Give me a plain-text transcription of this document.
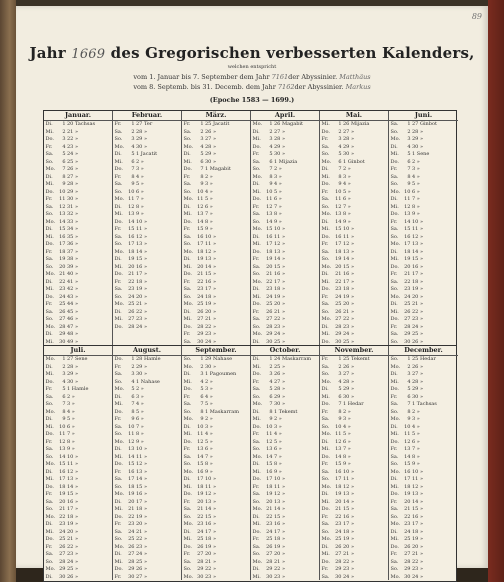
89
Jahr 1669 des Gregorischen verbesserten Kalenders,
welchen entspricht
vom 1. Januar bis 7. September dem Jahr 7161der Abyssinier. Matthäus
vom 8. Septemb. bis 31. Decemb. dem Jahr 7162der Abyssinier. Markus
(Epoche 1583 — 1699.)
Januar.
Di.	1 20 Tachsas
Mi.	2 21 »
Do.	3 22 »
Fr.	4 23 »
Sa.	5 24 »
So.	6 25 »
Mo.	7 26 »
Di.	8 27 »
Mi.	9 28 »
Do.	10 29 »
Fr.	11 30 »
Sa.	12 31 »
So.	13 32 »
Mo. 14 33 »
Di.	15 34 »
Mi.	16 35 »
Do.	17 36 »
Fr.	18 37 »
Sa.	19 38 »
So.	20 39 »
Mo. 21 40 »
Di.	22 41 »
Mi.	23 42 »
Do.	24 43 »
Fr.	25 44 »
Sa.	26 45 »
So.	27 46 »
Mo. 28 47 »
Di.	29 48 »
Mi.	30 49 »
Februar.
Fr.	1 27 Ter
Sa.	2 28 »
So.	3 29 »
Mo.	4 30 »
Di.	5 1 Jacatit
Mi.	6 2 »
Do.	7 3 »
Fr.	8 4 »
Sa.	9 5 »
So.	10 6 »
Mo. 11 7 »
Di.	12 8 »
Mi.	13 9 »
Do.	14 10 »
Fr.	15 11 »
Sa.	16 12 »
So.	17 13 »
Mo. 18 14 »
Di.	19 15 »
Mi.	20 16 »
Do.	21 17 »
Fr.	22 18 »
Sa.	23 19 »
So.	24 20 »
Mo. 25 21 »
Di.	26 22 »
Mi.	27 23 »
Do.	28 24 »
März.
Fr.	1 25 Jacatit
Sa.	2 26 »
So.	3 27 »
Mo.	4 28 »
Di.	5 29 »
Mi.	6 30 »
Do.	7 1 Magabit
Fr.	8 2 »
Sa.	9 3 »
So.	10 4 »
Mo. 11 5 »
Di.	12 6 »
Mi.	13 7 »
Do.	14 8 »
Fr.	15 9 »
Sa.	16 10 »
So.	17 11 »
Mo. 18 12 »
Di.	19 13 »
Mi.	20 14 »
Do.	21 15 »
Fr.	22 16 »
Sa.	23 17 »
So.	24 18 »
Mo. 25 19 »
Di.	26 20 »
Mi.	27 21 »
Do.	28 22 »
Fr.	29 23 »
Sa.	30 24 »
April.
Mo.	1 26 Magabit
Di.	2 27 »
Mi.	3 28 »
Do.	4 29 »
Fr.	5 30 »
Sa.	6 1 Mijazia
So.	7 2 »
Mo.	8 3 »
Di.	9 4 »
Mi.	10 5 »
Do.	11 6 »
Fr.	12 7 »
Sa.	13 8 »
So.	14 9 »
Mo. 15 10 »
Di.	16 11 »
Mi.	17 12 »
Do.	18 13 »
Fr.	19 14 »
Sa.	20 15 »
So.	21 16 »
Mo. 22 17 »
Di.	23 18 »
Mi.	24 19 »
Do.	25 20 »
Fr.	26 21 »
Sa.	27 22 »
So.	28 23 »
Mo. 29 24 »
Di.	30 25 »
Mai.
Mi.	1 26 Mijazia
Do.	2 27 »
Fr.	3 28 »
Sa.	4 29 »
So.	5 30 »
Mo.	6 1 Ginbot
Di.	7 2 »
Mi.	8 3 »
Do.	9 4 »
Fr.	10 5 »
Sa.	11 6 »
So.	12 7 »
Mo. 13 8 »
Di.	14 9 »
Mi.	15 10 »
Do.	16 11 »
Fr.	17 12 »
Sa.	18 13 »
So.	19 14 »
Mo. 20 15 »
Di.	21 16 »
Mi.	22 17 »
Do.	23 18 »
Fr.	24 19 »
Sa.	25 20 »
So.	26 21 »
Mo. 27 22 »
Di.	28 23 »
Mi.	29 24 »
Do.	30 25 »
Juni.
Sa.	1 27 Ginbot
So.	2 28 »
Mo.	3 29 »
Di.	4 30 »
Mi.	5 1 Sene
Do.	6 2 »
Fr.	7 3 »
Sa.	8 4 »
So.	9 5 »
Mo. 10 6 »
Di.	11 7 »
Mi.	12 8 »
Do.	13 9 »
Fr.	14 10 »
Sa.	15 11 »
So.	16 12 »
Mo. 17 13 »
Di.	18 14 »
Mi.	19 15 »
Do.	20 16 »
Fr.	21 17 »
Sa.	22 18 »
So.	23 19 »
Mo. 24 20 »
Di.	25 21 »
Mi.	26 22 »
Do.	27 23 »
Fr.	28 24 »
Sa.	29 25 »
So.	30 26 »
Juli.
Mo.	1 27 Sene
Di.	2 28 »
Mi.	3 29 »
Do.	4 30 »
Fr.	5 1 Hamle
Sa.	6 2 »
So.	7 3 »
Mo.	8 4 »
Di.	9 5 »
Mi.	10 6 »
Do.	11 7 »
Fr.	12 8 »
Sa.	13 9 »
So.	14 10 »
Mo. 15 11 »
Di.	16 12 »
Mi.	17 13 »
Do.	18 14 »
Fr.	19 15 »
Sa.	20 16 »
So.	21 17 »
Mo. 22 18 »
Di.	23 19 »
Mi.	24 20 »
Do.	25 21 »
Fr.	26 22 »
Sa.	27 23 »
So.	28 24 »
Mo. 29 25 »
Di.	30 26 »
August.
Do.	1 28 Hamle
Fr.	2 29 »
Sa.	3 30 »
So.	4 1 Nahase
Mo.	5 2 »
Di.	6 3 »
Mi.	7 4 »
Do.	8 5 »
Fr.	9 6 »
Sa.	10 7 »
So.	11 8 »
Mo. 12 9 »
Di.	13 10 »
Mi.	14 11 »
Do.	15 12 »
Fr.	16 13 »
Sa.	17 14 »
So.	18 15 »
Mo. 19 16 »
Di.	20 17 »
Mi.	21 18 »
Do.	22 19 »
Fr.	23 20 »
Sa.	24 21 »
So.	25 22 »
Mo. 26 23 »
Di.	27 24 »
Mi.	28 25 »
Do.	29 26 »
Fr.	30 27 »
September.
So.	1 29 Nahase
Mo.	2 30 »
Di.	3 1 Pagoumen
Mi.	4 2 »
Do.	5 3 »
Fr.	6 4 »
Sa.	7 5 »
So.	8 1 Maskarram
Mo.	9 2 »
Di.	10 3 »
Mi.	11 4 »
Do.	12 5 »
Fr.	13 6 »
Sa.	14 7 »
So.	15 8 »
Mo. 16 9 »
Di.	17 10 »
Mi.	18 11 »
Do.	19 12 »
Fr.	20 13 »
Sa.	21 14 »
So.	22 15 »
Mo. 23 16 »
Di.	24 17 »
Mi.	25 18 »
Do.	26 19 »
Fr.	27 20 »
Sa.	28 21 »
So.	29 22 »
Mo. 30 23 »
October.
Di.	1 24 Maskarram
Mi.	2 25 »
Do.	3 26 »
Fr.	4 27 »
Sa.	5 28 »
So.	6 29 »
Mo.	7 30 »
Di.	8 1 Tekemt
Mi.	9 2 »
Do.	10 3 »
Fr.	11 4 »
Sa.	12 5 »
So.	13 6 »
Mo. 14 7 »
Di.	15 8 »
Mi.	16 9 »
Do.	17 10 »
Fr.	18 11 »
Sa.	19 12 »
So.	20 13 »
Mo. 21 14 »
Di.	22 15 »
Mi.	23 16 »
Do.	24 17 »
Fr.	25 18 »
Sa.	26 19 »
So.	27 20 »
Mo. 28 21 »
Di.	29 22 »
Mi.	30 23 »
November.
Fr.	1 25 Tekemt
Sa.	2 26 »
So.	3 27 »
Mo.	4 28 »
Di.	5 29 »
Mi.	6 30 »
Do.	7 1 Hedar
Fr.	8 2 »
Sa.	9 3 »
So.	10 4 »
Mo. 11 5 »
Di.	12 6 »
Mi.	13 7 »
Do.	14 8 »
Fr.	15 9 »
Sa.	16 10 »
So.	17 11 »
Mo. 18 12 »
Di.	19 13 »
Mi.	20 14 »
Do.	21 15 »
Fr.	22 16 »
Sa.	23 17 »
So.	24 18 »
Mo. 25 19 »
Di.	26 20 »
Mi.	27 21 »
Do.	28 22 »
Fr.	29 23 »
Sa.	30 24 »
December.
So.	1 25 Hedar
Mo.	2 26 »
Di.	3 27 »
Mi.	4 28 »
Do.	5 29 »
Fr.	6 30 »
Sa.	7 1 Tachsas
So.	8 2 »
Mo.	9 3 »
Di.	10 4 »
Mi.	11 5 »
Do.	12 6 »
Fr.	13 7 »
Sa.	14 8 »
So.	15 9 »
Mo. 16 10 »
Di.	17 11 »
Mi.	18 12 »
Do.	19 13 »
Fr.	20 14 »
Sa.	21 15 »
So.	22 16 »
Mo. 23 17 »
Di.	24 18 »
Mi.	25 19 »
Do.	26 20 »
Fr.	27 21 »
Sa.	28 22 »
So.	29 23 »
Mo. 30 24 »
